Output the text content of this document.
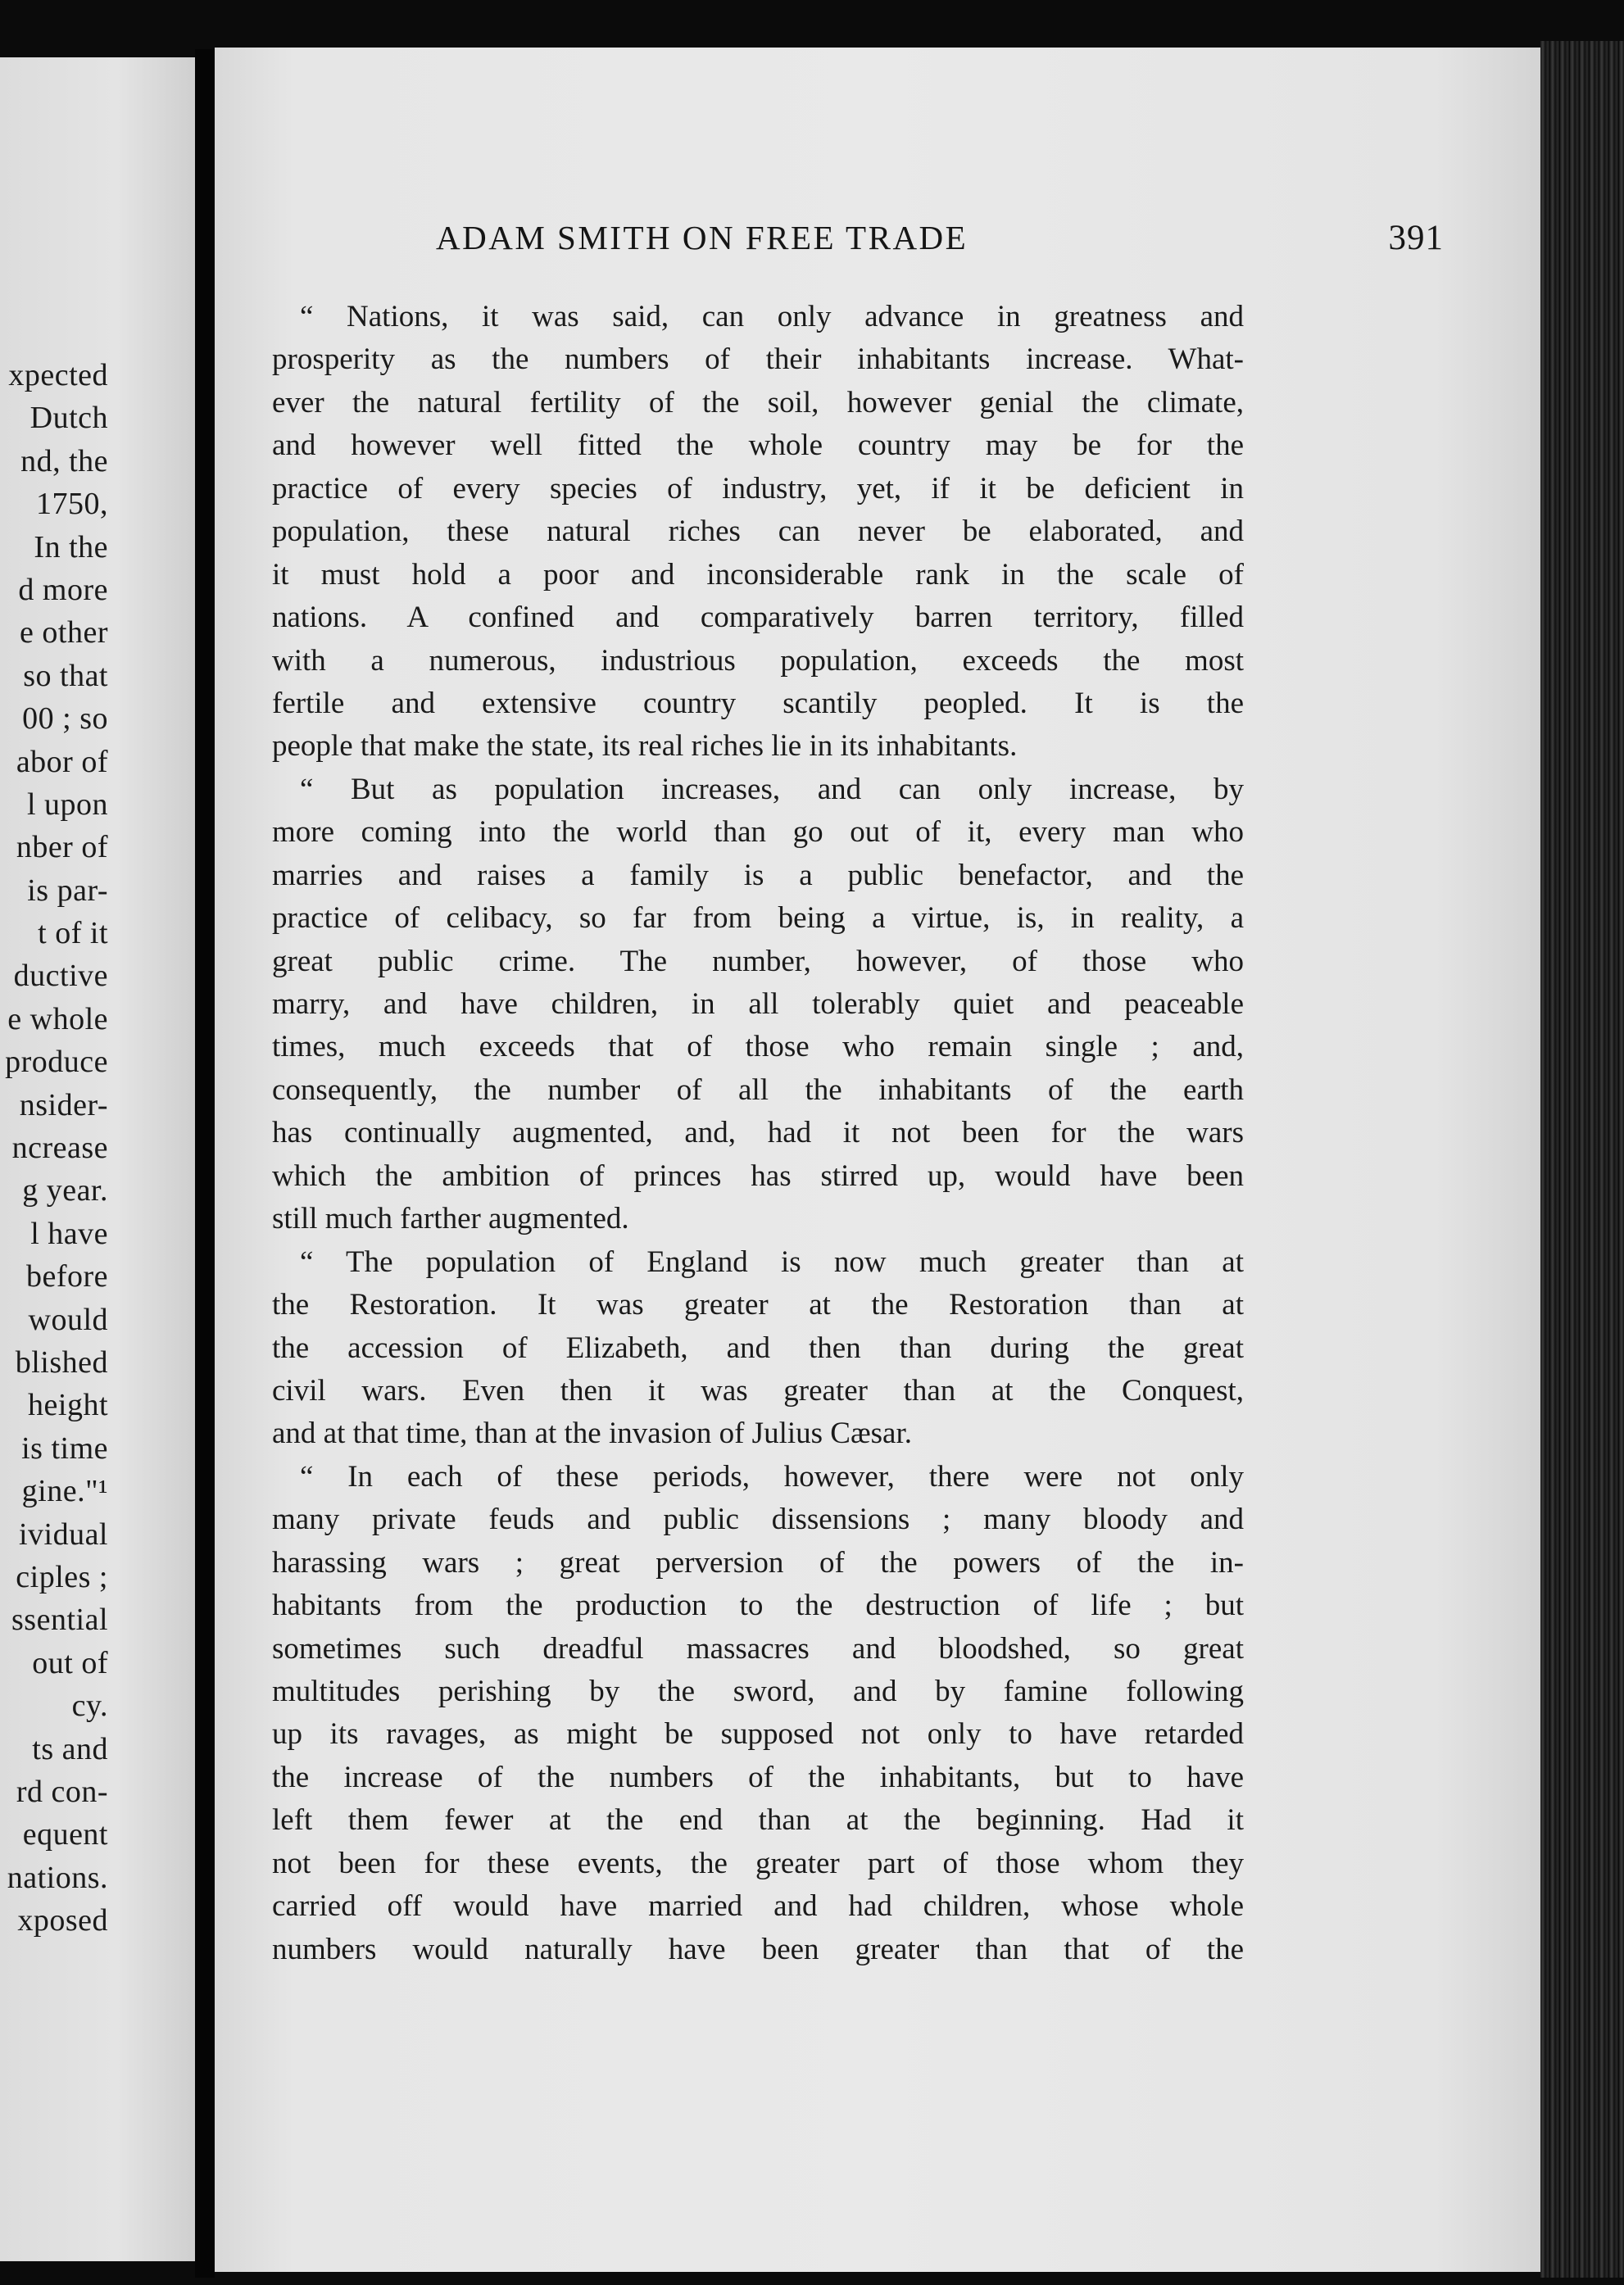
xpected
Dutch
nd, the
1750,
In the
d more
e other
so that
00 ; so
abor of
l upon
nber of
is par-
t of it
ductive
e whole
produce
nsider-
ncrease
g year.
l have
before
would
blished
height
is time
gine."¹
ividual
ciples ;
ssential
out of
cy.
ts and
rd con-
equent
nations.
xposed
ADAM SMITH ON FREE TRADE	391
“ Nations, it was said, can only advance in greatness and
prosperity as the numbers of their inhabitants increase. What-
ever the natural fertility of the soil, however genial the climate,
and however well fitted the whole country may be for the
practice of every species of industry, yet, if it be deficient in
population, these natural riches can never be elaborated, and
it must hold a poor and inconsiderable rank in the scale of
nations. A confined and comparatively barren territory, filled
with a numerous, industrious population, exceeds the most
fertile and extensive country scantily peopled. It is the
people that make the state, its real riches lie in its inhabitants.
“ But as population increases, and can only increase, by
more coming into the world than go out of it, every man who
marries and raises a family is a public benefactor, and the
practice of celibacy, so far from being a virtue, is, in reality, a
great public crime. The number, however, of those who
marry, and have children, in all tolerably quiet and peaceable
times, much exceeds that of those who remain single ; and,
consequently, the number of all the inhabitants of the earth
has continually augmented, and, had it not been for the wars
which the ambition of princes has stirred up, would have been
still much farther augmented.
“ The population of England is now much greater than at
the Restoration. It was greater at the Restoration than at
the accession of Elizabeth, and then than during the great
civil wars. Even then it was greater than at the Conquest,
and at that time, than at the invasion of Julius Cæsar.
“ In each of these periods, however, there were not only
many private feuds and public dissensions ; many bloody and
harassing wars ; great perversion of the powers of the in-
habitants from the production to the destruction of life ; but
sometimes such dreadful massacres and bloodshed, so great
multitudes perishing by the sword, and by famine following
up its ravages, as might be supposed not only to have retarded
the increase of the numbers of the inhabitants, but to have
left them fewer at the end than at the beginning. Had it
not been for these events, the greater part of those whom they
carried off would have married and had children, whose whole
numbers would naturally have been greater than that of the
